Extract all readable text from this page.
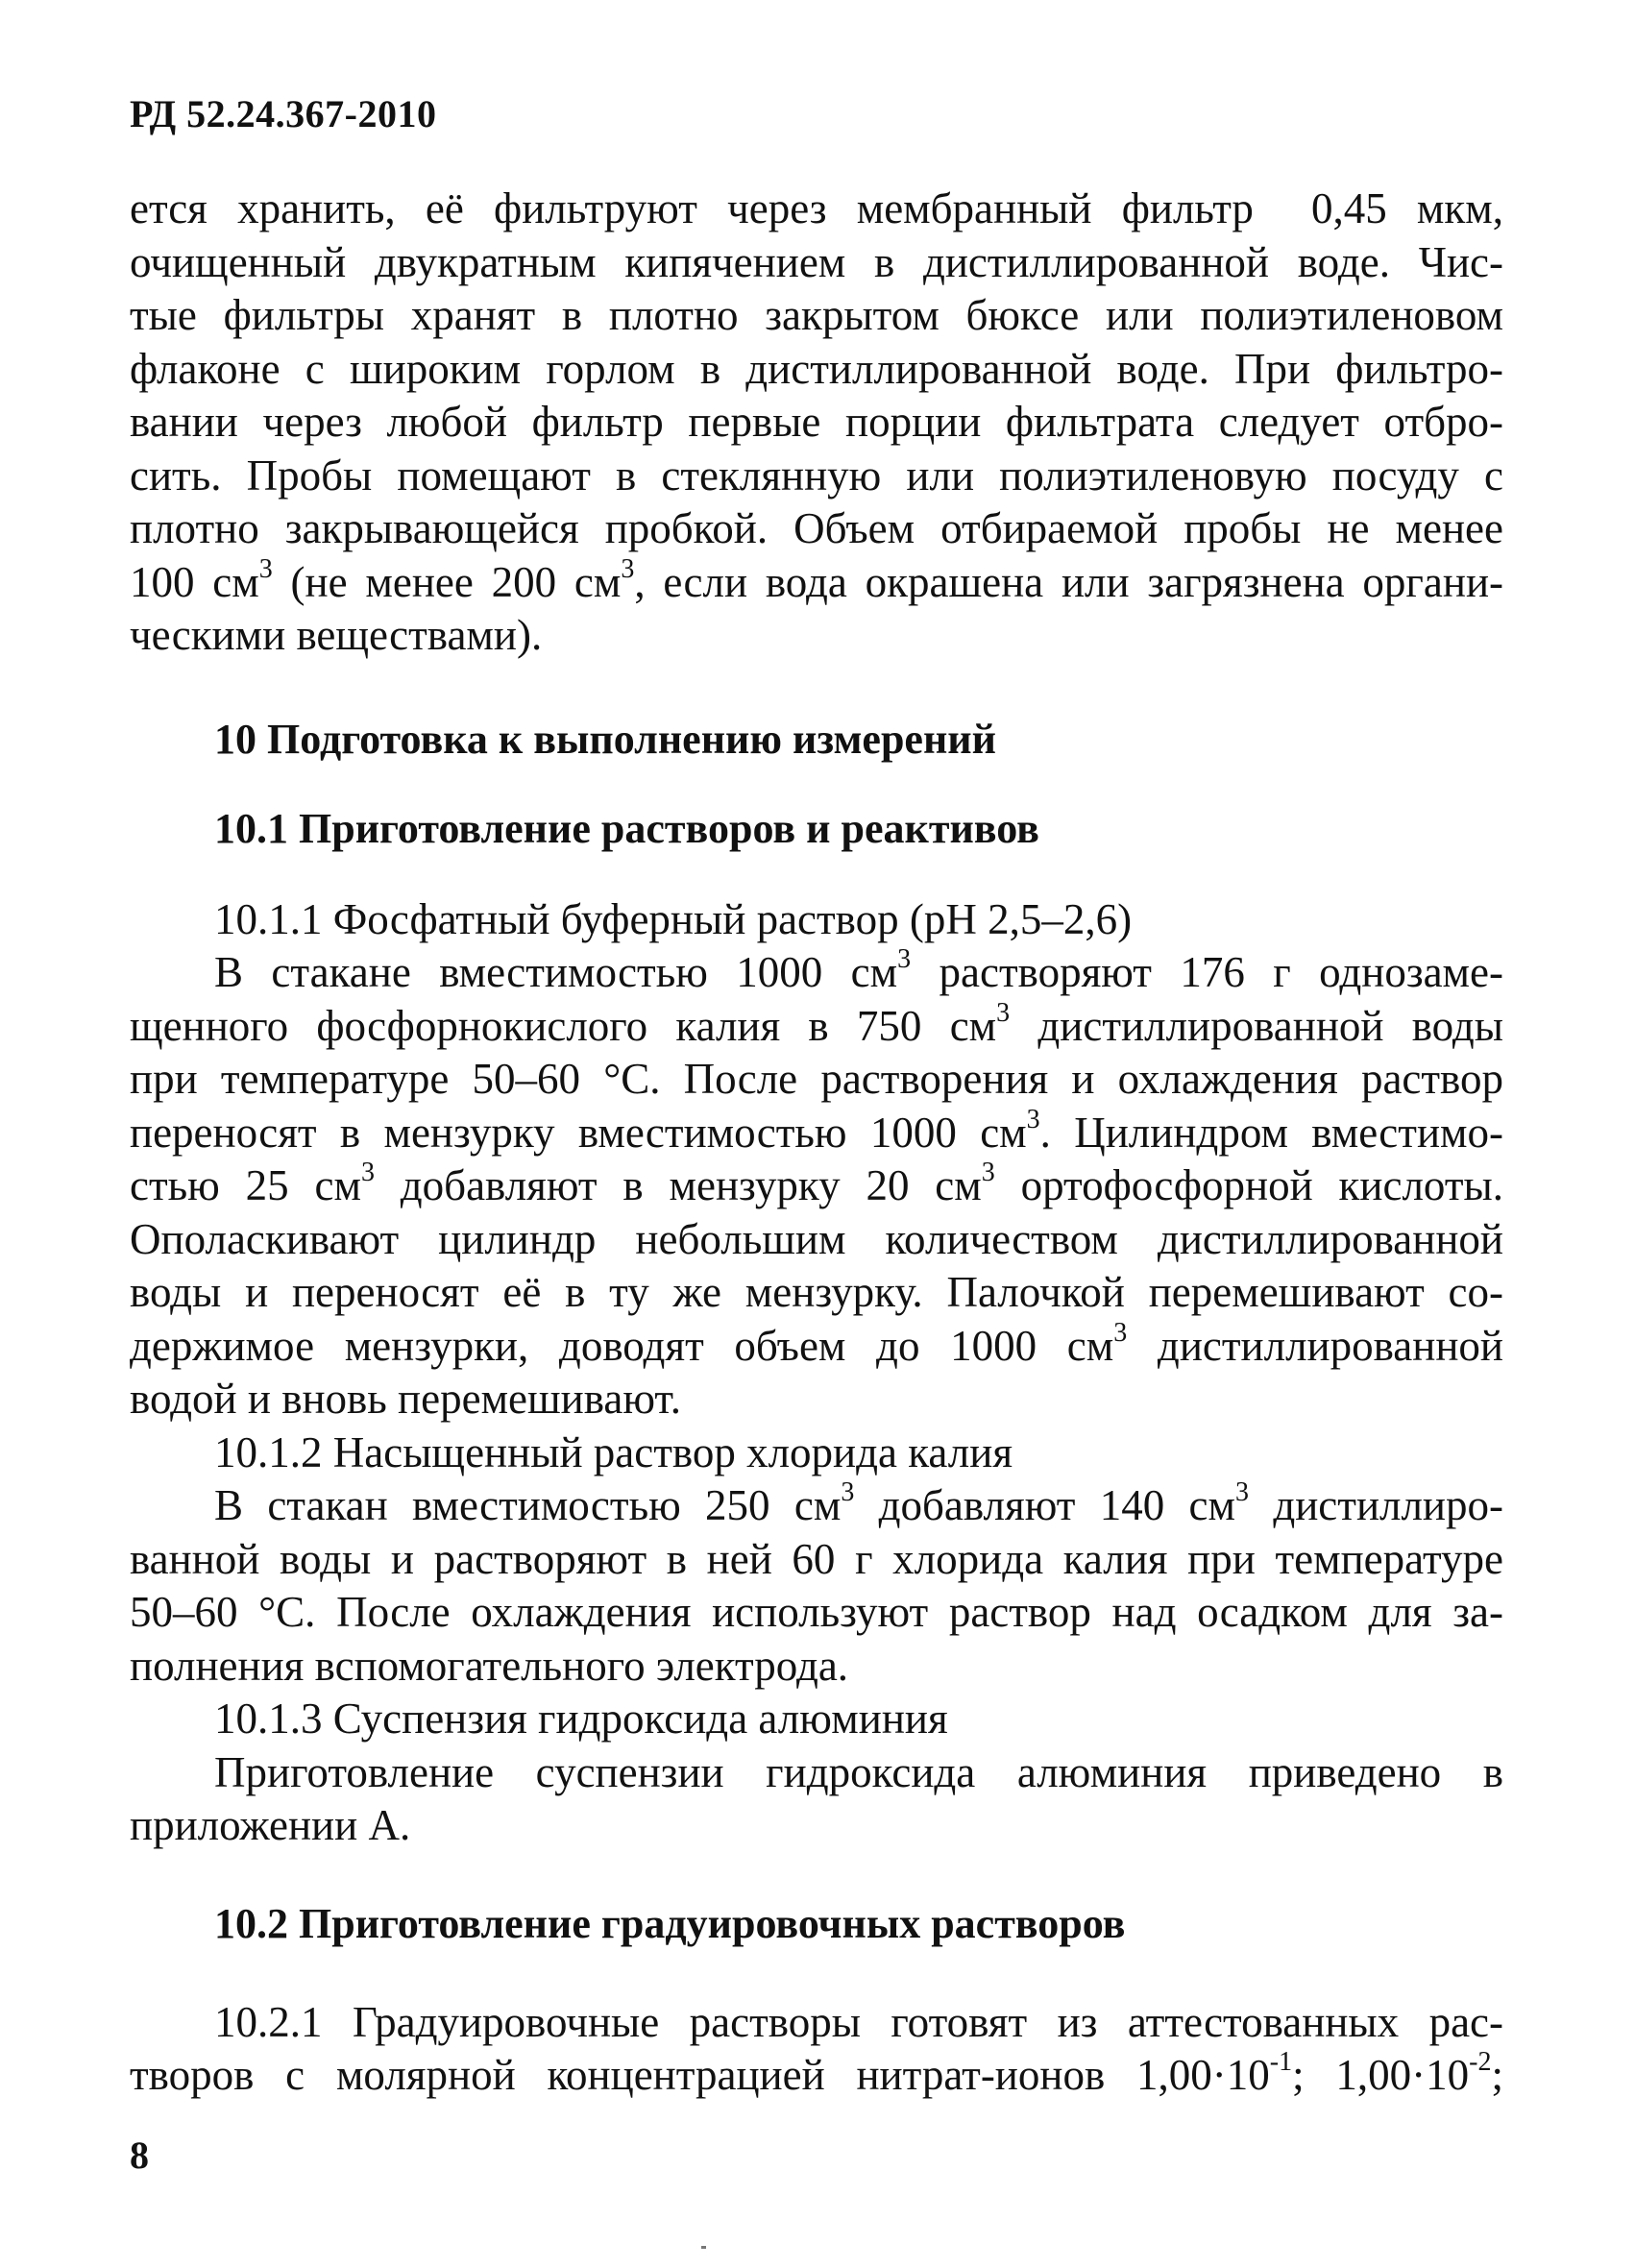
РД 52.24.367-2010

ется хранить, её фильтруют через мембранный фильтр 0,45 мкм,
очищенный двукратным кипячением в дистиллированной воде. Чис-
тые фильтры хранят в плотно закрытом бюксе или полиэтиленовом
флаконе с широким горлом в дистиллированной воде. При фильтро-
вании через любой фильтр первые порции фильтрата следует отбро-
сить. Пробы помещают в стеклянную или полиэтиленовую посуду с
плотно закрывающейся пробкой. Объем отбираемой пробы не менее
100 $см^3$ (не менее 200 $см^3$, если вода окрашена или загрязнена органи-
ческими веществами).

10 Подготовка к выполнению измерений
10.1 Приготовление растворов и реактивов

10.1.1 Фосфатный буферный раствор (рН 2,5–2,6)

В стакане вместимостью 1000 $см^3$ растворяют 176 г однозаме-
щенного фосфорнокислого калия в 750 $см^3$ дистиллированной воды
при температуре 50–60 °С. После растворения и охлаждения раствор
переносят в мензурку вместимостью 1000 $см^3$. Цилиндром вместимо-
стью 25 $см^3$ добавляют в мензурку 20 $см^3$ ортофосфорной кислоты.
Ополаскивают цилиндр небольшим количеством дистиллированной
воды и переносят её в ту же мензурку. Палочкой перемешивают со-
держимое мензурки, доводят объем до 1000 $см^3$ дистиллированной
водой и вновь перемешивают.

10.1.2 Насыщенный раствор хлорида калия

В стакан вместимостью 250 $см^3$ добавляют 140 $см^3$ дистиллиро-
ванной воды и растворяют в ней 60 г хлорида калия при температуре
50–60 °С. После охлаждения используют раствор над осадком для за-
полнения вспомогательного электрода.

10.1.3 Суспензия гидроксида алюминия

Приготовление суспензии гидроксида алюминия приведено в
приложении А.

10.2 Приготовление градуировочных растворов

10.2.1 Градуировочные растворы готовят из аттестованных рас-
творов с молярной концентрацией нитрат-ионов $1,00\cdot 10^{-1}$; $1,00\cdot 10^{-2}$;

8
